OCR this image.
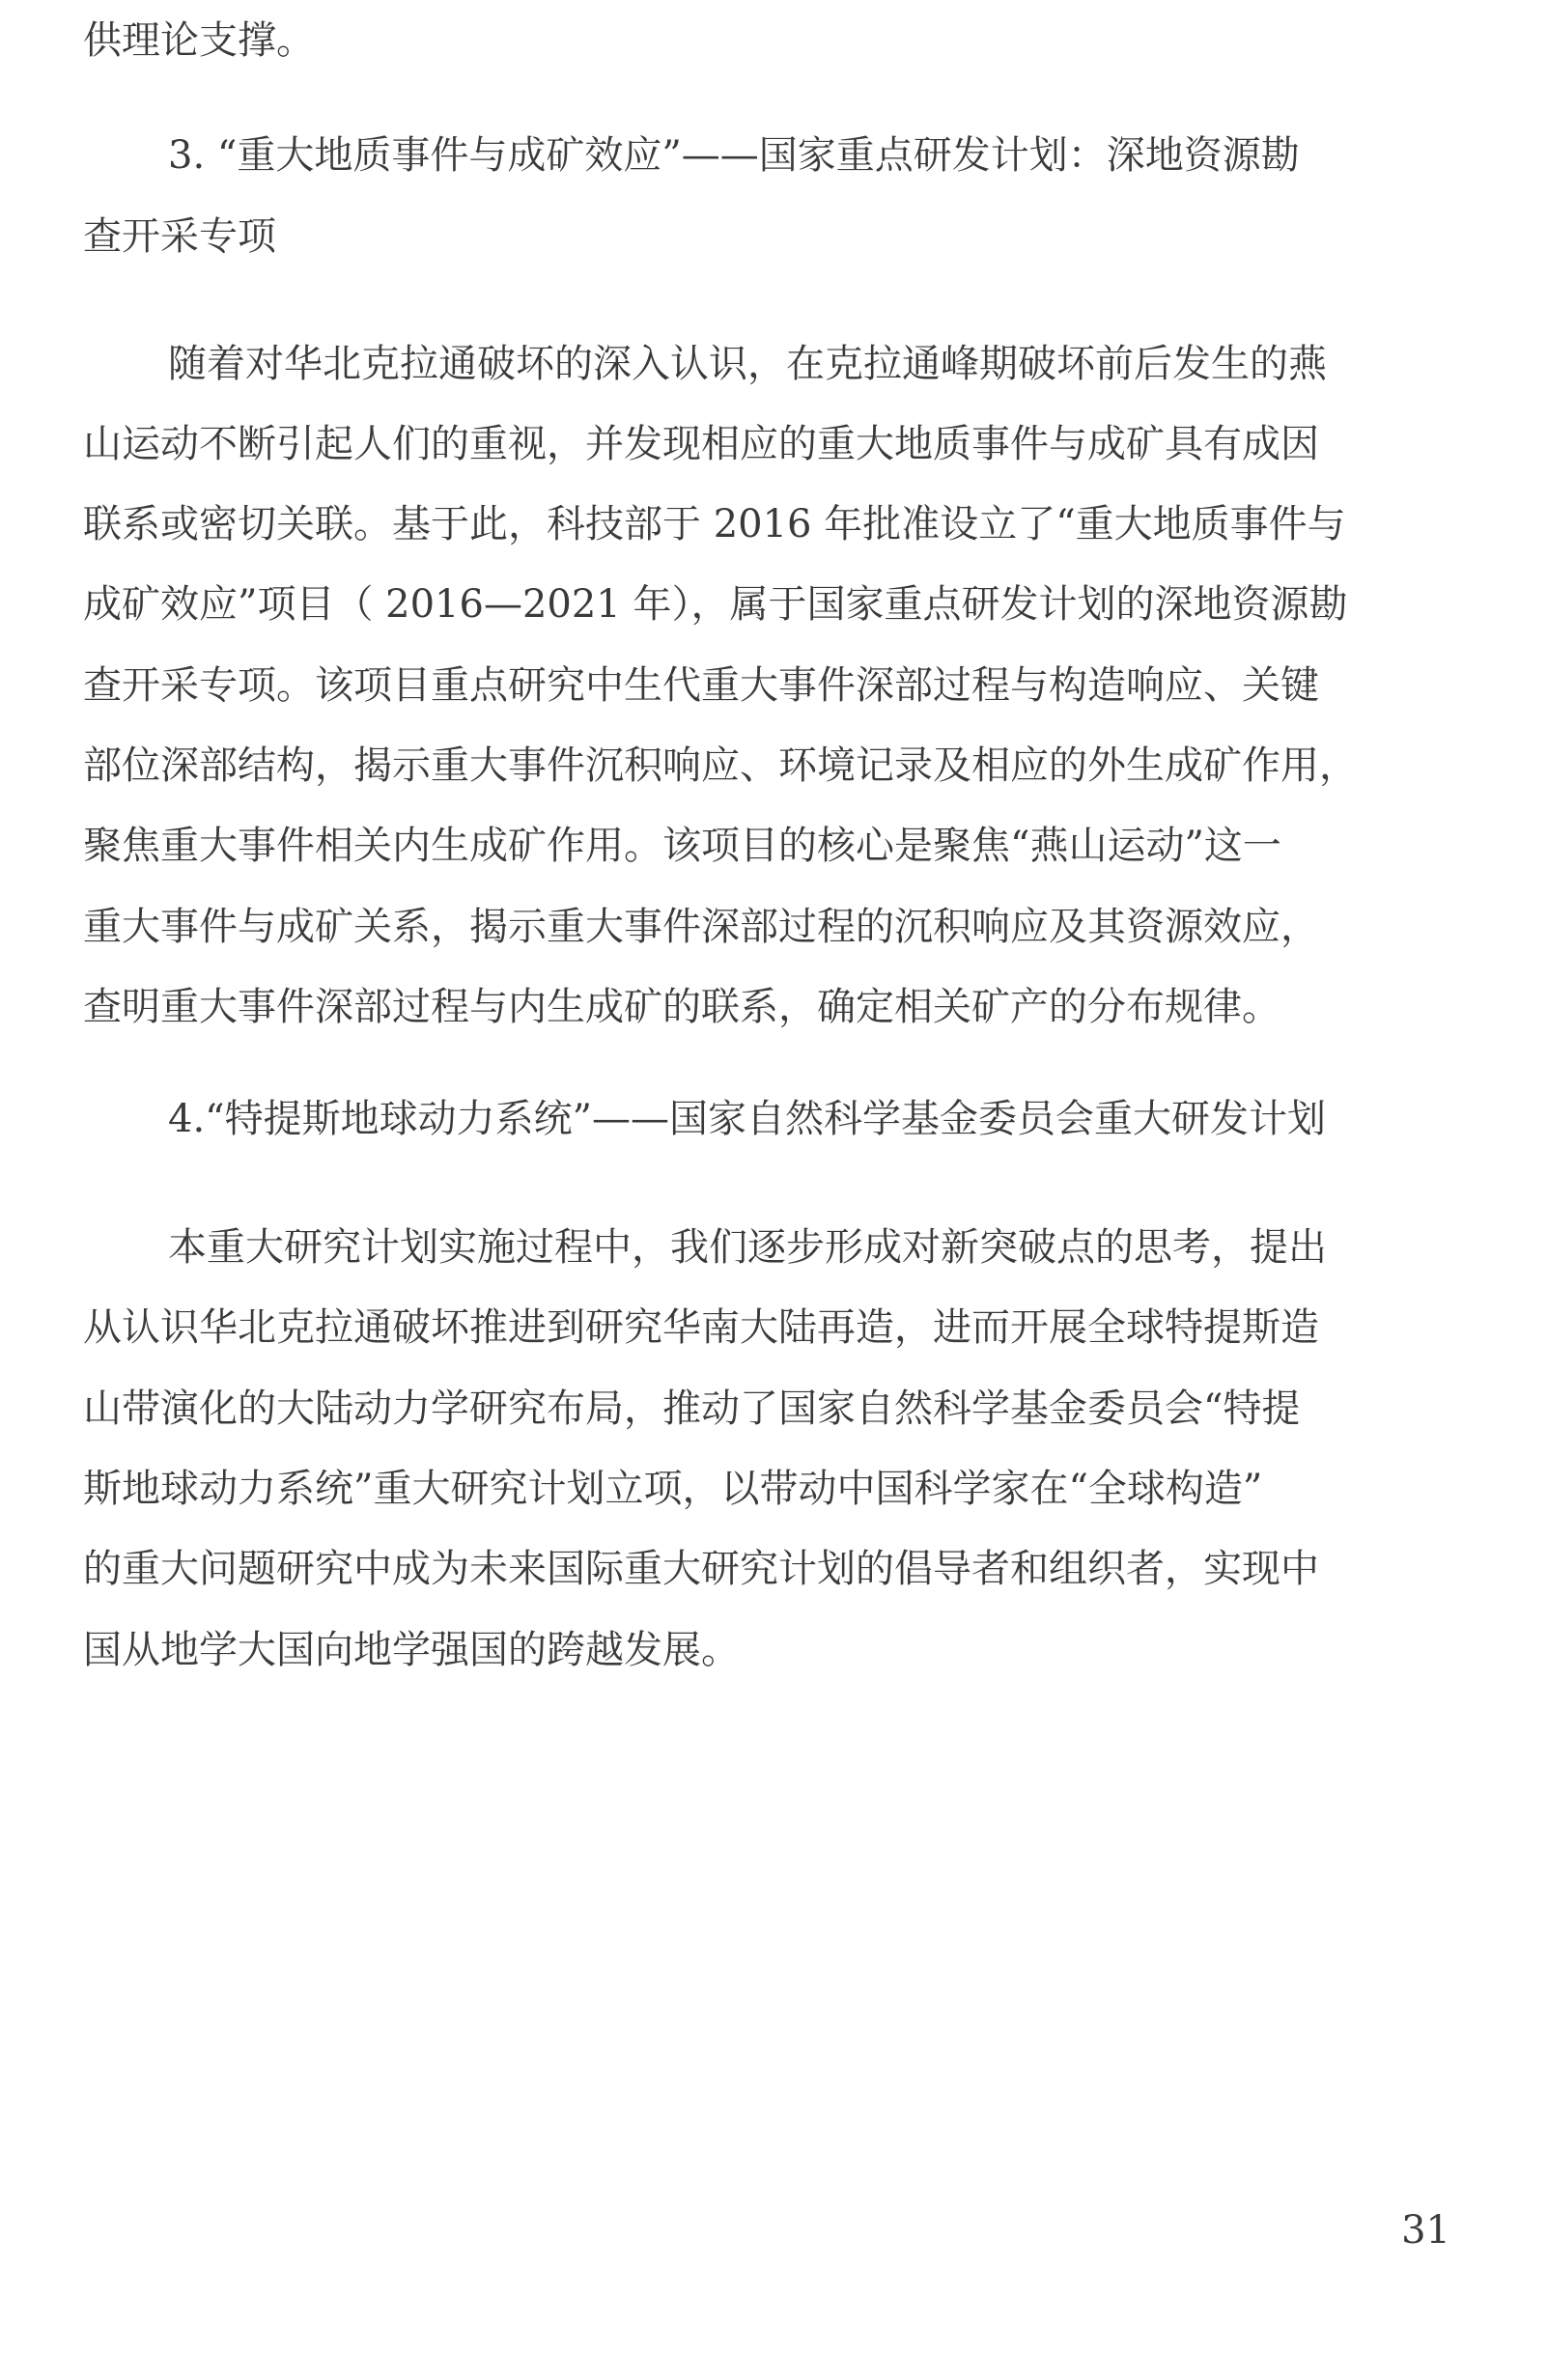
供理论支撑。
3. “重大地质事件与成矿效应”——国家重点研发计划：深地资源勘
查开采专项
随着对华北克拉通破坏的深入认识，在克拉通峰期破坏前后发生的燕
山运动不断引起人们的重视，并发现相应的重大地质事件与成矿具有成因
联系或密切关联。基于此，科技部于 2016 年批准设立了“重大地质事件与
成矿效应”项目（ 2016—2021 年），属于国家重点研发计划的深地资源勘
查开采专项。该项目重点研究中生代重大事件深部过程与构造响应、关键
部位深部结构，揭示重大事件沉积响应、环境记录及相应的外生成矿作用，
聚焦重大事件相关内生成矿作用。该项目的核心是聚焦“燕山运动”这一
重大事件与成矿关系，揭示重大事件深部过程的沉积响应及其资源效应，
查明重大事件深部过程与内生成矿的联系，确定相关矿产的分布规律。
4.“特提斯地球动力系统”——国家自然科学基金委员会重大研发计划
本重大研究计划实施过程中，我们逐步形成对新突破点的思考，提出
从认识华北克拉通破坏推进到研究华南大陆再造，进而开展全球特提斯造
山带演化的大陆动力学研究布局，推动了国家自然科学基金委员会“特提
斯地球动力系统”重大研究计划立项，以带动中国科学家在“全球构造”
的重大问题研究中成为未来国际重大研究计划的倡导者和组织者，实现中
国从地学大国向地学强国的跨越发展。
31
